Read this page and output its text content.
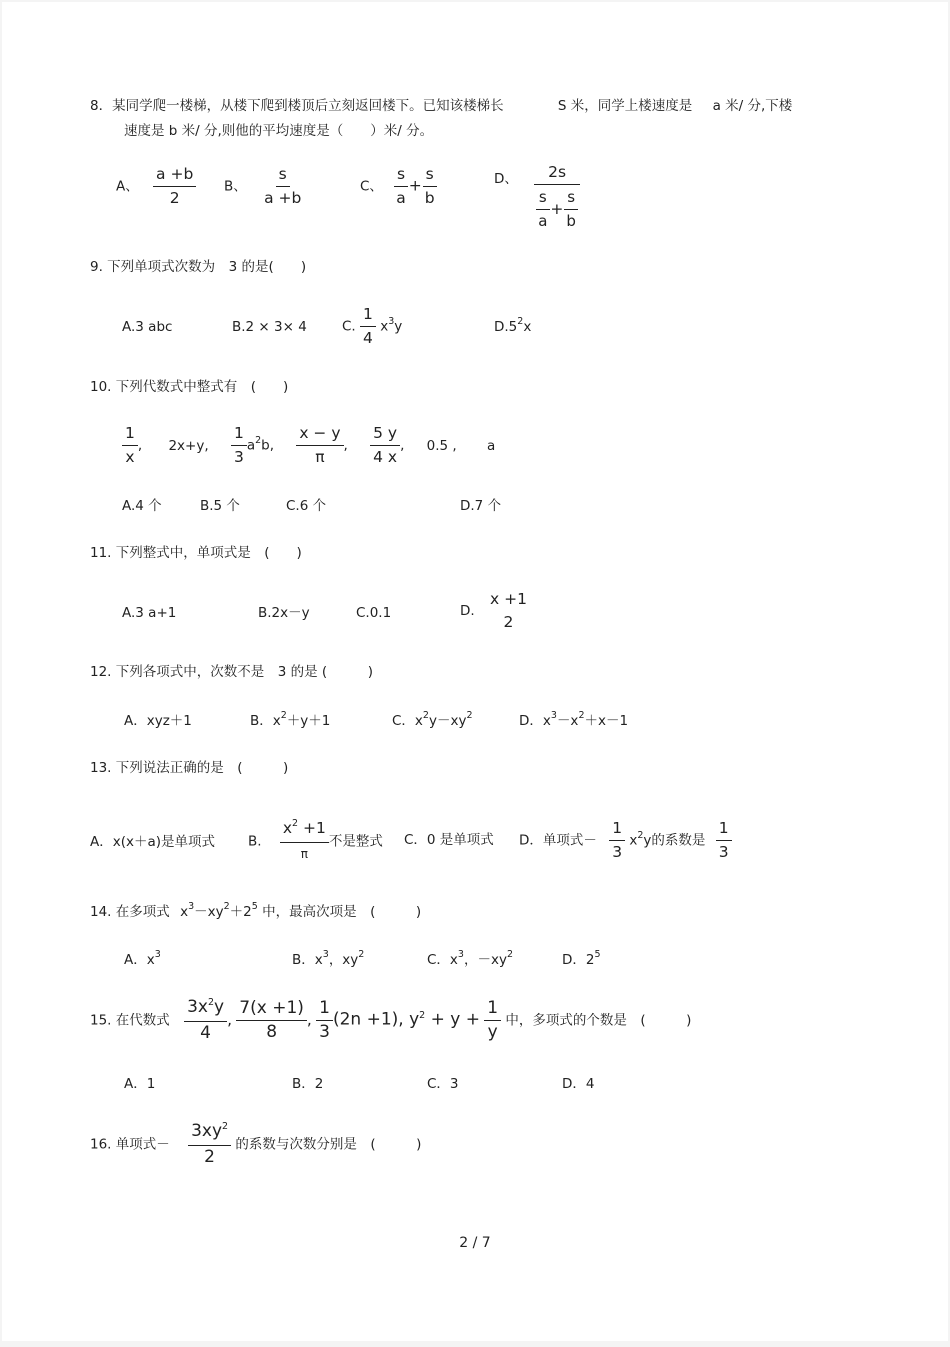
8．某同学爬一楼梯，从楼下爬到楼顶后立刻返回楼下。已知该楼梯长	S 米，同学上楼速度是 a 米/ 分,下楼
速度是 b 米/ 分,则他的平均速度是（　　）米/ 分。
A、 $\frac{a +b}{2}$ B、 $\frac{s}{a +b}$	C、 $\frac{s}{a} + \frac{s}{b}$	D、 $\frac{2s}{\frac{s}{a} + \frac{s}{b}}$
9. 下列单项式次数为　3 的是(　　)
A.3 abc	B.2 × 3× 4	C. $\frac{1}{4} x^3y$	$D.5^2x$
10. 下列代数式中整式有　(　　)
$\frac{1}{x}$ , 2x+y, $\frac{1}{3} a^2b$, $\frac{x - y}{\pi}$ , $\frac{5 y}{4 x}$ , 0.5 , a
A.4 个	B.5 个	C.6 个	D.7 个
11. 下列整式中，单项式是　(　　)
A.3 a+1	B.2x－y	C.0.1	D.
x +1
2
12. 下列各项式中，次数不是　3 的是 (　　　)
A．xyz＋1	B．$x^2+y+1$	C．$x^2y-xy^2$	D．$x^3-x^2+x-1$
13. 下列说法正确的是　(　　　)
A．x(x＋a)是单项式 B. $\frac{x^2 +1}{\pi}$ 不是整式 C．0 是单项式 D．单项式－ $\frac{1}{3} x^2y$的系数是 $\frac{1}{3}$
14. 在多项式 $x^3-xy^2+2^5$ 中，最高次项是　(　　　)
A．$x^3$	B．$x^3$，$xy^2$	C．$x^3$，$-xy^2$	D．$2^5$
15. 在代数式 $\frac{3x^2y}{4}$ , $\frac{7(x +1)}{8}$ , $\frac{1}{3} (2n +1)$, $y^2 + y + \frac{1}{y}$ 中，多项式的个数是　(　　　)
A．1	B．2	C．3	D．4
16. 单项式－ $\frac{3xy^2}{2}$ 的系数与次数分别是　(　　　)
2 / 7
